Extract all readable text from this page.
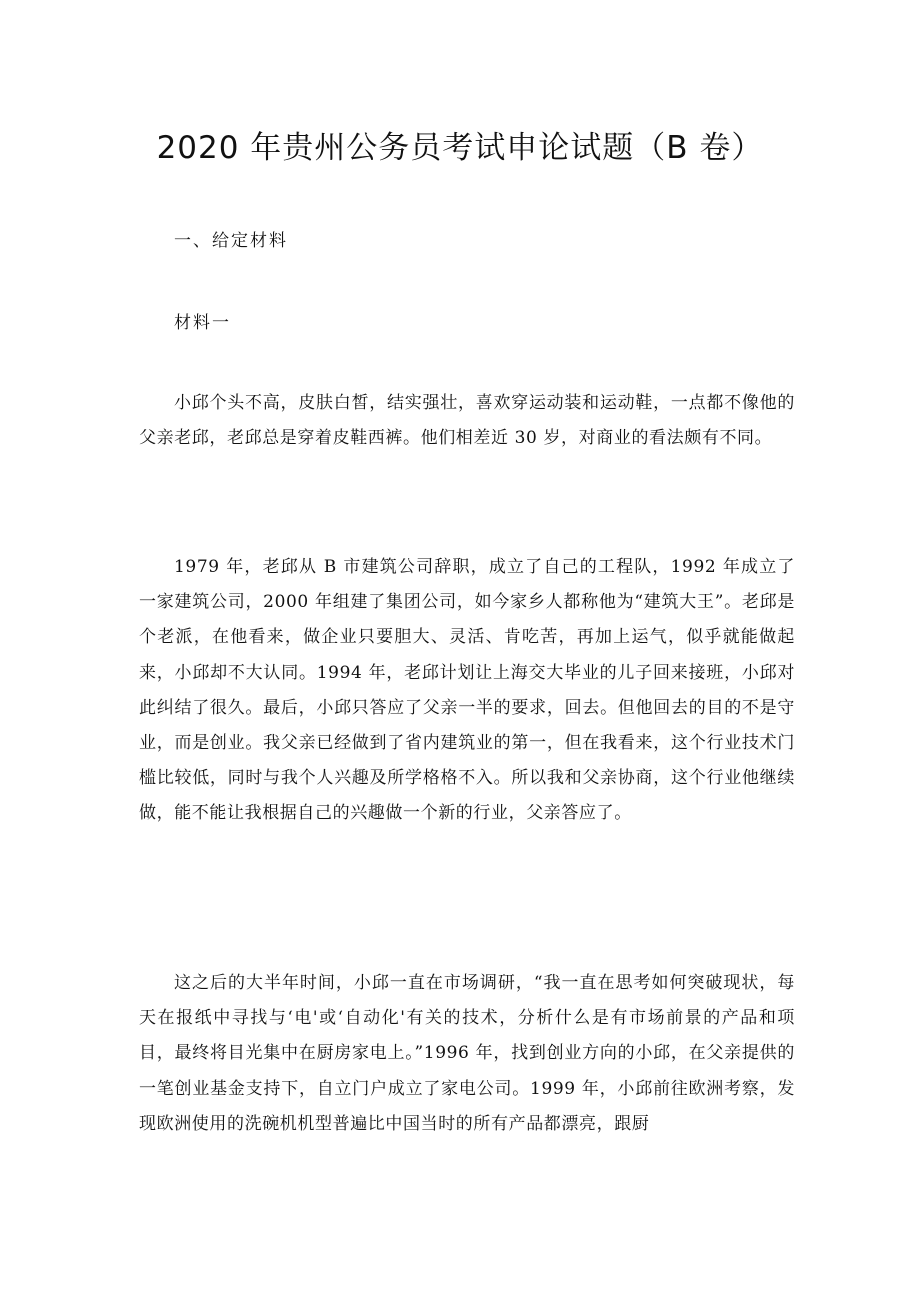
2020 年贵州公务员考试申论试题（B 卷）

一、给定材料

材料一

小邱个头不高，皮肤白皙，结实强壮，喜欢穿运动装和运动鞋，一点都不像他的父亲老邱，老邱总是穿着皮鞋西裤。他们相差近 30 岁，对商业的看法颇有不同。

1979 年，老邱从 B 市建筑公司辞职，成立了自己的工程队，1992 年成立了一家建筑公司，2000 年组建了集团公司，如今家乡人都称他为“建筑大王”。老邱是个老派，在他看来，做企业只要胆大、灵活、肯吃苦，再加上运气，似乎就能做起来，小邱却不大认同。1994 年，老邱计划让上海交大毕业的儿子回来接班，小邱对此纠结了很久。最后，小邱只答应了父亲一半的要求，回去。但他回去的目的不是守业，而是创业。我父亲已经做到了省内建筑业的第一，但在我看来，这个行业技术门槛比较低，同时与我个人兴趣及所学格格不入。所以我和父亲协商，这个行业他继续做，能不能让我根据自己的兴趣做一个新的行业，父亲答应了。

这之后的大半年时间，小邱一直在市场调研，“我一直在思考如何突破现状，每天在报纸中寻找与‘电'或‘自动化'有关的技术，分析什么是有市场前景的产品和项目，最终将目光集中在厨房家电上。”1996 年，找到创业方向的小邱，在父亲提供的一笔创业基金支持下，自立门户成立了家电公司。1999 年，小邱前往欧洲考察，发现欧洲使用的洗碗机机型普遍比中国当时的所有产品都漂亮，跟厨
